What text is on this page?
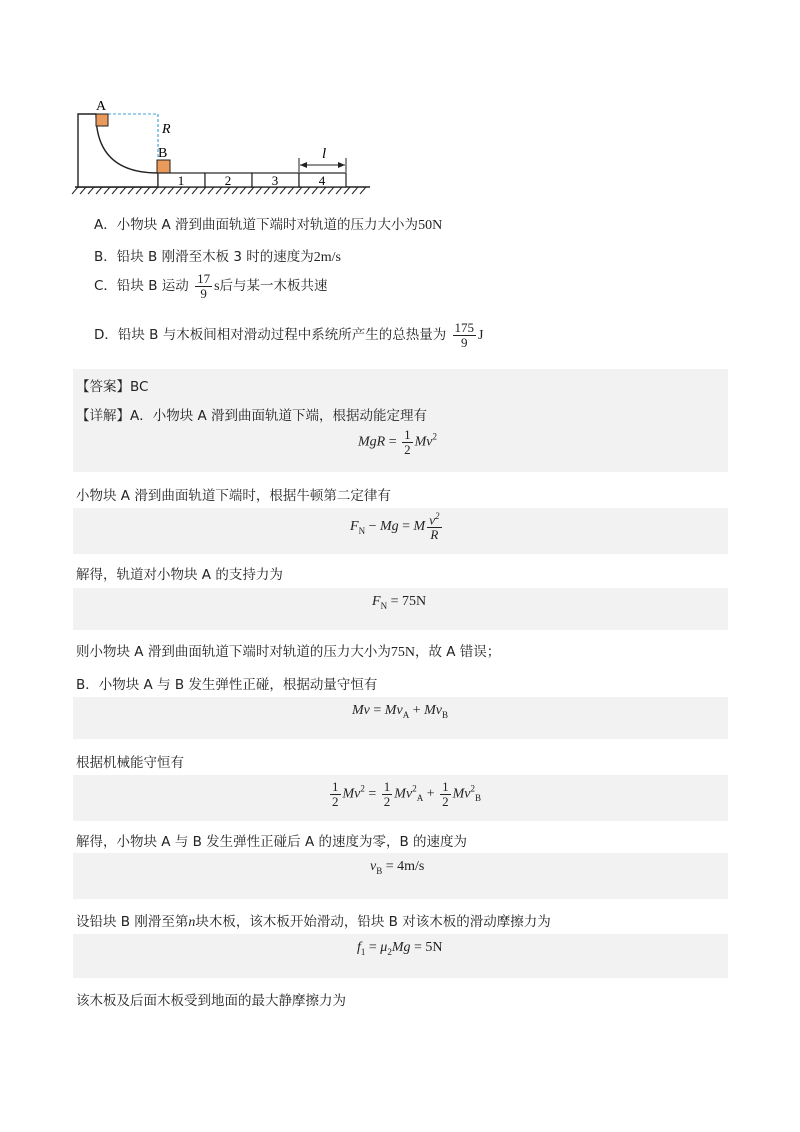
1	2	3	4
A
B
R
l
A．小物块 A 滑到曲面轨道下端时对轨道的压力大小为50N
B．铅块 B 刚滑至木板 3 时的速度为2m/s
C．铅块 B 运动 $\frac{17}{9}$ s后与某一木板共速
D．铅块 B 与木板间相对滑动过程中系统所产生的总热量为 $\frac{175}{9}$ J
【答案】BC
【详解】A．小物块 A 滑到曲面轨道下端，根据动能定理有
MgR = $\frac{1}{2} Mv^2$
小物块 A 滑到曲面轨道下端时，根据牛顿第二定律有
$F_N - Mg = M \frac{v^2}{R}$
解得，轨道对小物块 A 的支持力为
$F_N = 75N$
则小物块 A 滑到曲面轨道下端时对轨道的压力大小为75N，故 A 错误；
B．小物块 A 与 B 发生弹性正碰，根据动量守恒有
$Mv = Mv_A + Mv_B$
根据机械能守恒有
$\frac{1}{2} Mv^2 = \frac{1}{2} Mv^2_A + \frac{1}{2} Mv^2_B$
解得，小物块 A 与 B 发生弹性正碰后 A 的速度为零，B 的速度为
$v_B = 4m/s$
设铅块 B 刚滑至第n块木板，该木板开始滑动，铅块 B 对该木板的滑动摩擦力为
$f_1 = \mu_2Mg = 5N$
该木板及后面木板受到地面的最大静摩擦力为
